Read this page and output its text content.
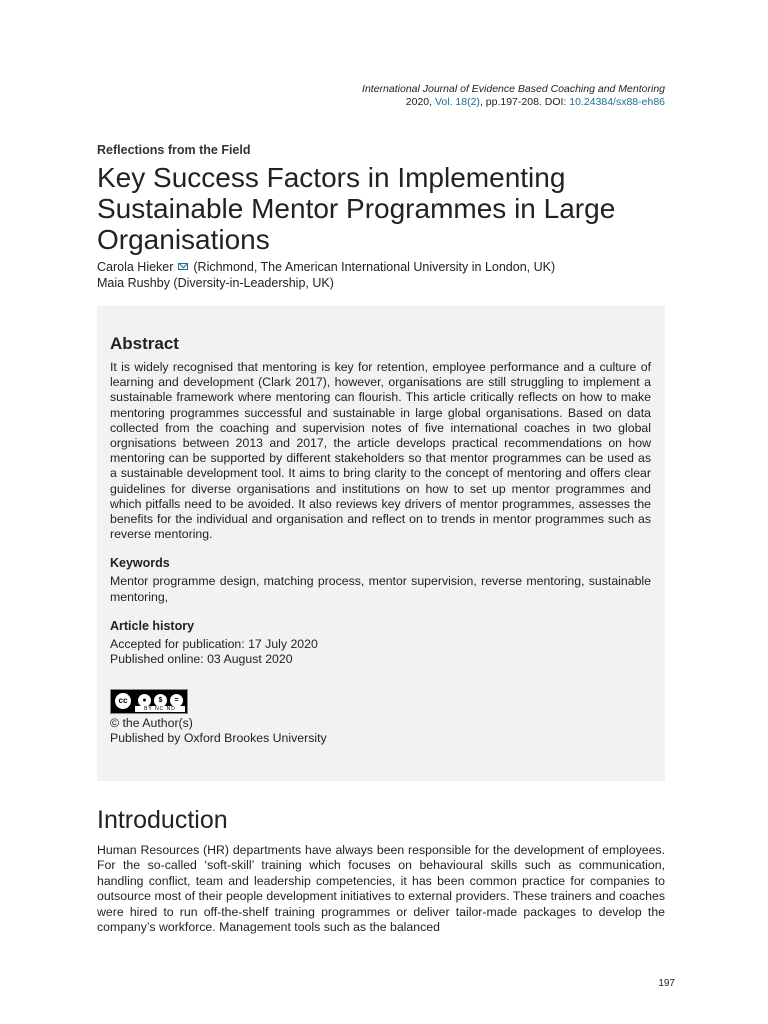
International Journal of Evidence Based Coaching and Mentoring
2020, Vol. 18(2), pp.197-208. DOI: 10.24384/sx88-eh86
Reflections from the Field
Key Success Factors in Implementing Sustainable Mentor Programmes in Large Organisations
Carola Hieker  (Richmond, The American International University in London, UK)
Maia Rushby (Diversity-in-Leadership, UK)
Abstract

It is widely recognised that mentoring is key for retention, employee performance and a culture of learning and development (Clark 2017), however, organisations are still struggling to implement a sustainable framework where mentoring can flourish. This article critically reflects on how to make mentoring programmes successful and sustainable in large global organisations. Based on data collected from the coaching and supervision notes of five international coaches in two global orgnisations between 2013 and 2017, the article develops practical recommendations on how mentoring can be supported by different stakeholders so that mentor programmes can be used as a sustainable development tool. It aims to bring clarity to the concept of mentoring and offers clear guidelines for diverse organisations and institutions on how to set up mentor programmes and which pitfalls need to be avoided. It also reviews key drivers of mentor programmes, assesses the benefits for the individual and organisation and reflect on to trends in mentor programmes such as reverse mentoring.

Keywords
Mentor programme design, matching process, mentor supervision, reverse mentoring, sustainable mentoring,
Article history
Accepted for publication: 17 July 2020
Published online: 03 August 2020
cc	●	$	=
BY NC ND
© the Author(s)
Published by Oxford Brookes University
Introduction

Human Resources (HR) departments have always been responsible for the development of employees. For the so-called ‘soft-skill’ training which focuses on behavioural skills such as communication, handling conflict, team and leadership competencies, it has been common practice for companies to outsource most of their people development initiatives to external providers. These trainers and coaches were hired to run off-the-shelf training programmes or deliver tailor-made packages to develop the company’s workforce. Management tools such as the balanced

197
